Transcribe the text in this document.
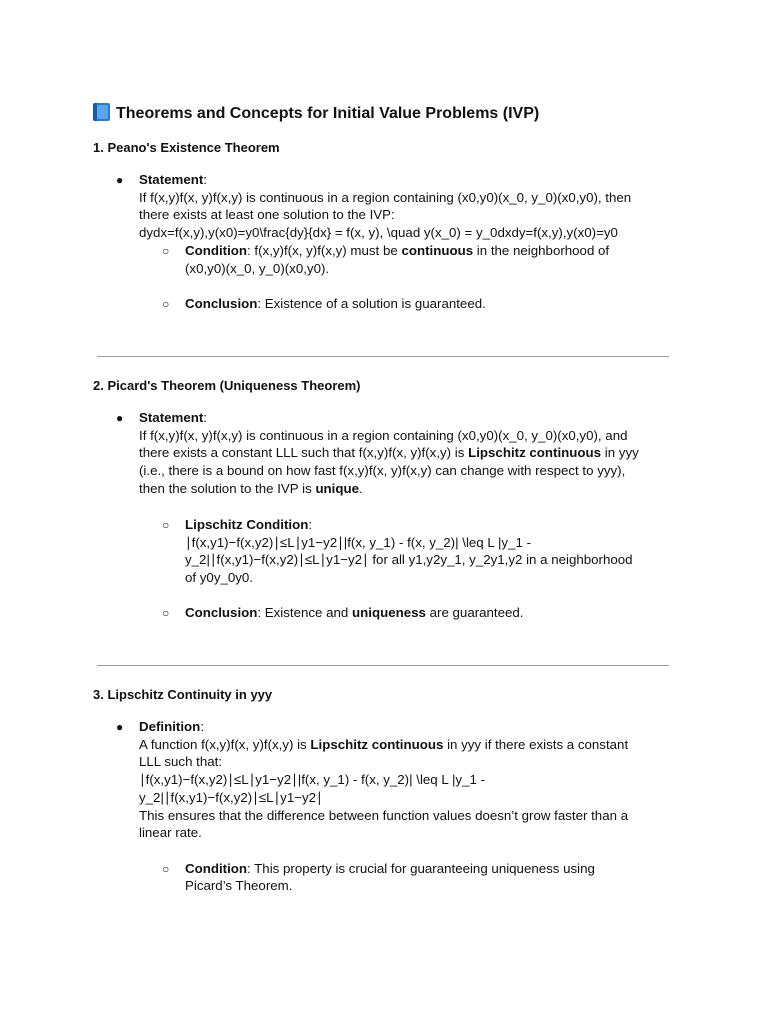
Theorems and Concepts for Initial Value Problems (IVP)
1. Peano's Existence Theorem
● Statement:
If f(x,y)f(x, y)f(x,y) is continuous in a region containing (x0,y0)(x_0, y_0)(x0,y0), then
there exists at least one solution to the IVP:
dydx=f(x,y),y(x0)=y0\frac{dy}{dx} = f(x, y), \quad y(x_0) = y_0dxdy=f(x,y),y(x0)=y0
○ Condition: f(x,y)f(x, y)f(x,y) must be continuous in the neighborhood of
(x0,y0)(x_0, y_0)(x0,y0).
○ Conclusion: Existence of a solution is guaranteed.
2. Picard's Theorem (Uniqueness Theorem)
● Statement:
If f(x,y)f(x, y)f(x,y) is continuous in a region containing (x0,y0)(x_0, y_0)(x0,y0), and
there exists a constant LLL such that f(x,y)f(x, y)f(x,y) is Lipschitz continuous in yyy
(i.e., there is a bound on how fast f(x,y)f(x, y)f(x,y) can change with respect to yyy),
then the solution to the IVP is unique.
○ Lipschitz Condition:
∣f(x,y1)−f(x,y2)∣≤L∣y1−y2∣|f(x, y_1) - f(x, y_2)| \leq L |y_1 -
y_2|∣f(x,y1)−f(x,y2)∣≤L∣y1−y2∣ for all y1,y2y_1, y_2y1,y2 in a neighborhood
of y0y_0y0.
○ Conclusion: Existence and uniqueness are guaranteed.
3. Lipschitz Continuity in yyy
● Definition:
A function f(x,y)f(x, y)f(x,y) is Lipschitz continuous in yyy if there exists a constant
LLL such that:
∣f(x,y1)−f(x,y2)∣≤L∣y1−y2∣|f(x, y_1) - f(x, y_2)| \leq L |y_1 -
y_2|∣f(x,y1)−f(x,y2)∣≤L∣y1−y2∣
This ensures that the difference between function values doesn’t grow faster than a
linear rate.
○ Condition: This property is crucial for guaranteeing uniqueness using
Picard’s Theorem.
